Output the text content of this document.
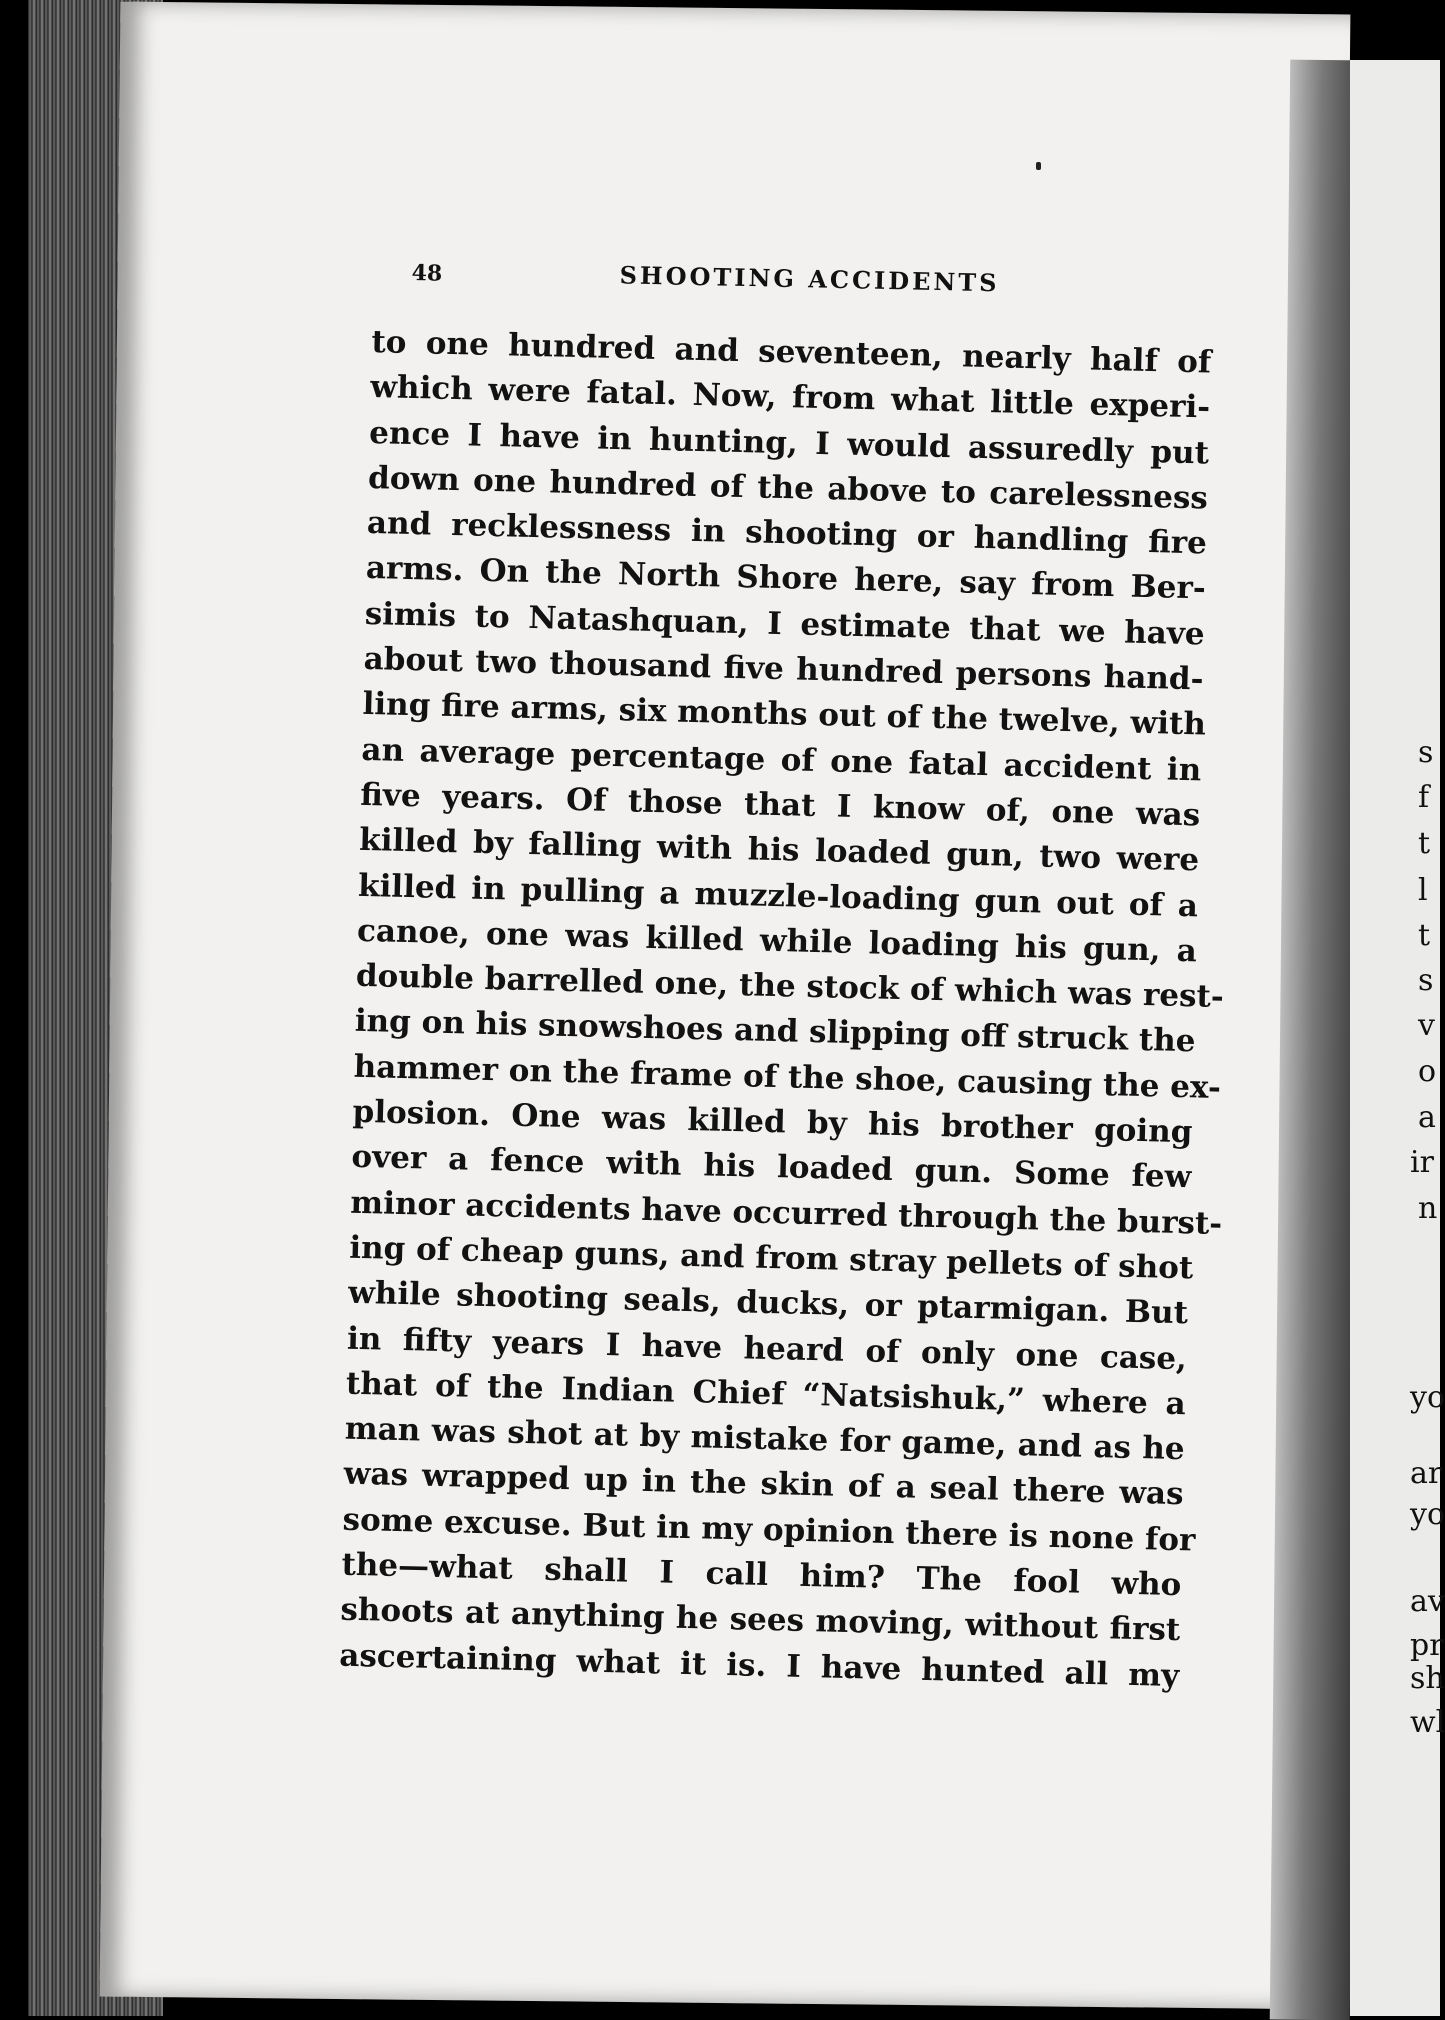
48	SHOOTING ACCIDENTS
to one hundred and seventeen, nearly half of
which were fatal. Now, from what little experi-
ence I have in hunting, I would assuredly put
down one hundred of the above to carelessness
and recklessness in shooting or handling fire
arms. On the North Shore here, say from Ber-
simis to Natashquan, I estimate that we have
about two thousand five hundred persons hand-
ling fire arms, six months out of the twelve, with
an average percentage of one fatal accident in
five years. Of those that I know of, one was
killed by falling with his loaded gun, two were
killed in pulling a muzzle-loading gun out of a
canoe, one was killed while loading his gun, a
double barrelled one, the stock of which was rest-
ing on his snowshoes and slipping off struck the
hammer on the frame of the shoe, causing the ex-
plosion. One was killed by his brother going
over a fence with his loaded gun. Some few
minor accidents have occurred through the burst-
ing of cheap guns, and from stray pellets of shot
while shooting seals, ducks, or ptarmigan. But
in fifty years I have heard of only one case,
that of the Indian Chief “Natsishuk,” where a
man was shot at by mistake for game, and as he
was wrapped up in the skin of a seal there was
some excuse. But in my opinion there is none for
the—what shall I call him? The fool who
shoots at anything he sees moving, without first
ascertaining what it is. I have hunted all my
s
f
t
l
t
s
v
o
a
ir
n
yo
ar
yo
av
pr
sh
wl
